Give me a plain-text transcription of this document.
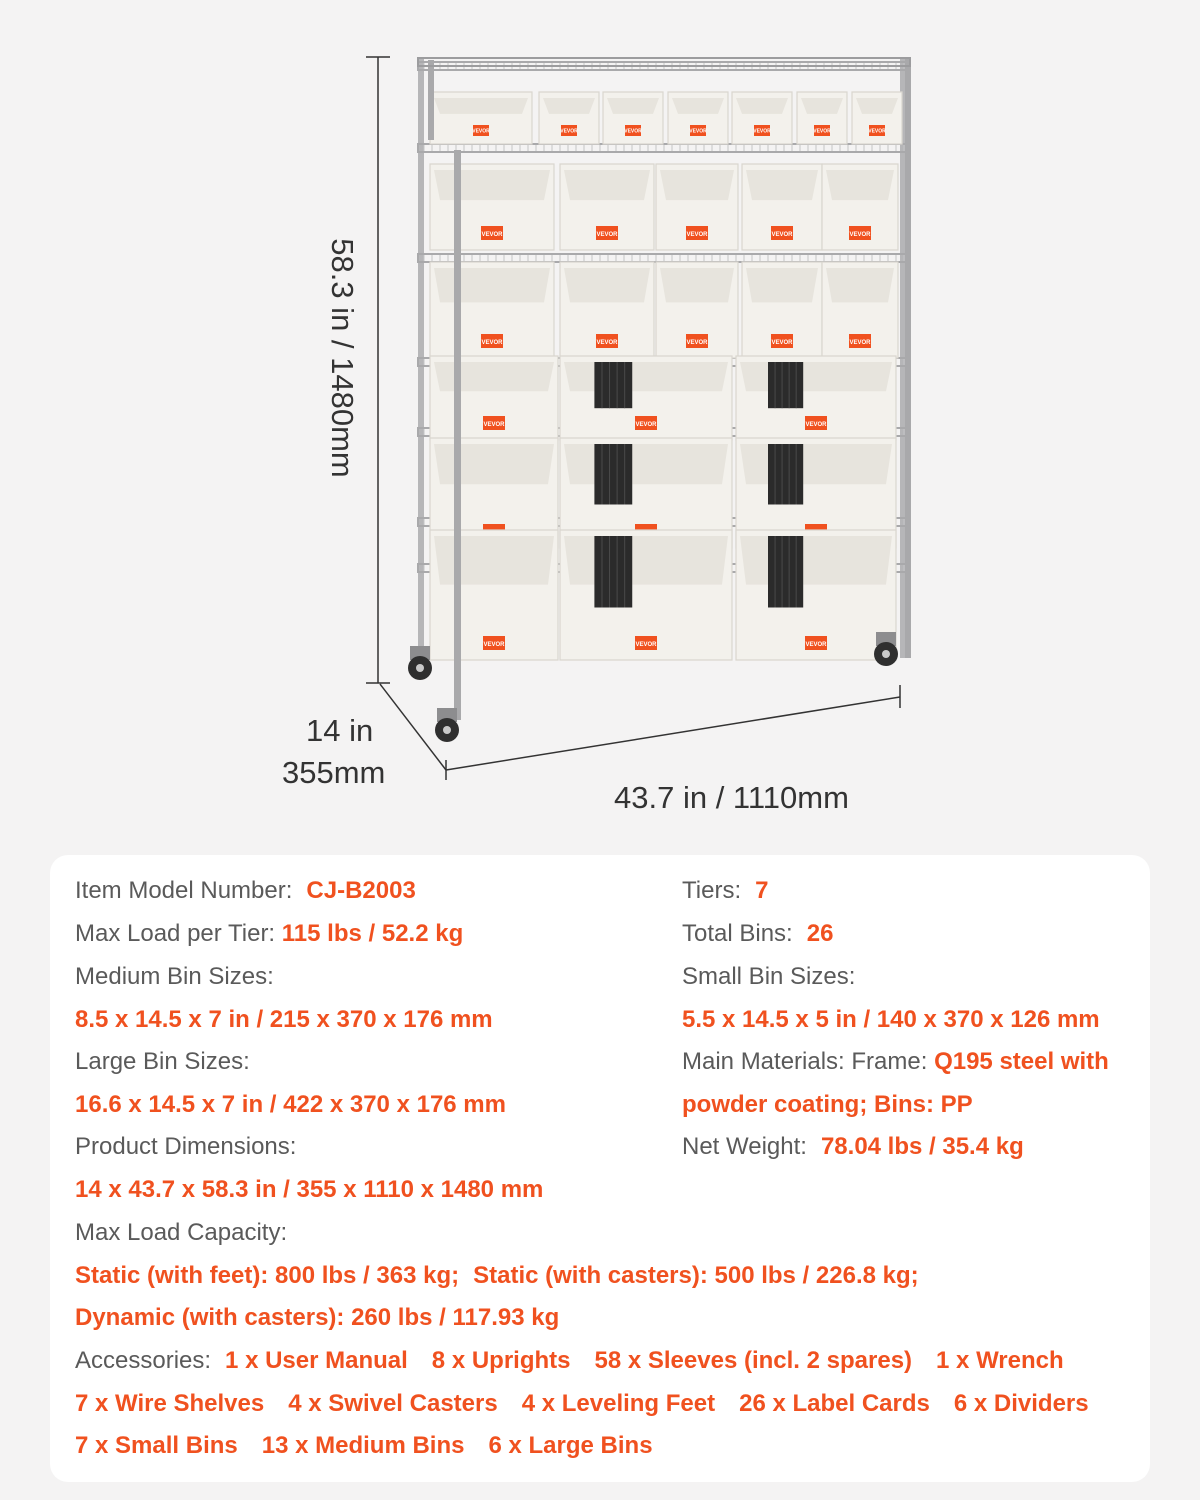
VEVOR	VEVOR	VEVOR	VEVOR	VEVOR	VEVOR	VEVOR
VEVOR	VEVOR	VEVOR	VEVOR	VEVOR
VEVOR	VEVOR	VEVOR	VEVOR	VEVOR
VEVOR	VEVOR	VEVOR
VEVOR	VEVOR	VEVOR
58.3 in / 1480mm
14 in
355mm
43.7 in / 1110mm
Item Model Number: CJ-B2003
Max Load per Tier: 115 lbs / 52.2 kg
Medium Bin Sizes:
8.5 x 14.5 x 7 in / 215 x 370 x 176 mm
Large Bin Sizes:
16.6 x 14.5 x 7 in / 422 x 370 x 176 mm
Product Dimensions:
14 x 43.7 x 58.3 in / 355 x 1110 x 1480 mm
Max Load Capacity:
Static (with feet): 800 lbs / 363 kg; Static (with casters): 500 lbs / 226.8 kg;
Dynamic (with casters): 260 lbs / 117.93 kg
Tiers: 7
Total Bins: 26
Small Bin Sizes:
5.5 x 14.5 x 5 in / 140 x 370 x 126 mm
Main Materials: Frame: Q195 steel with
powder coating; Bins: PP
Net Weight: 78.04 lbs / 35.4 kg
Accessories: 1 x User Manual 8 x Uprights 58 x Sleeves (incl. 2 spares) 1 x Wrench
7 x Wire Shelves 4 x Swivel Casters 4 x Leveling Feet 26 x Label Cards 6 x Dividers
7 x Small Bins 13 x Medium Bins 6 x Large Bins
